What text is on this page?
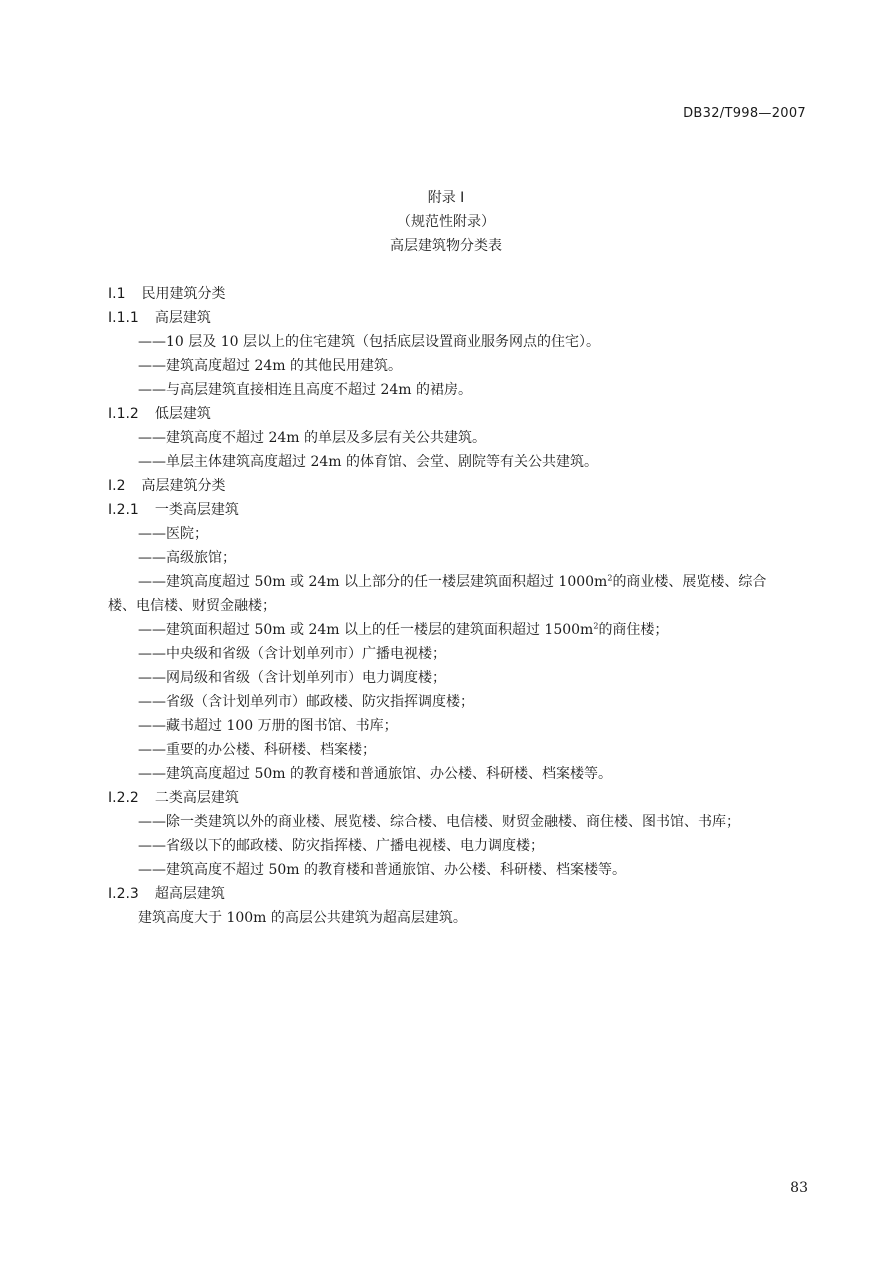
DB32/T998—2007
附录 I
（规范性附录）
高层建筑物分类表
I.1 民用建筑分类
I.1.1 高层建筑
——10 层及 10 层以上的住宅建筑（包括底层设置商业服务网点的住宅）。
——建筑高度超过 24m 的其他民用建筑。
——与高层建筑直接相连且高度不超过 24m 的裙房。
I.1.2 低层建筑
——建筑高度不超过 24m 的单层及多层有关公共建筑。
——单层主体建筑高度超过 24m 的体育馆、会堂、剧院等有关公共建筑。
I.2 高层建筑分类
I.2.1 一类高层建筑
——医院；
——高级旅馆；
——建筑高度超过 50m 或 24m 以上部分的任一楼层建筑面积超过 $1000m^2$的商业楼、展览楼、综合
楼、电信楼、财贸金融楼；
——建筑面积超过 50m 或 24m 以上的任一楼层的建筑面积超过 $1500m^2$的商住楼；
——中央级和省级（含计划单列市）广播电视楼；
——网局级和省级（含计划单列市）电力调度楼；
——省级（含计划单列市）邮政楼、防灾指挥调度楼；
——藏书超过 100 万册的图书馆、书库；
——重要的办公楼、科研楼、档案楼；
——建筑高度超过 50m 的教育楼和普通旅馆、办公楼、科研楼、档案楼等。
I.2.2 二类高层建筑
——除一类建筑以外的商业楼、展览楼、综合楼、电信楼、财贸金融楼、商住楼、图书馆、书库；
——省级以下的邮政楼、防灾指挥楼、广播电视楼、电力调度楼；
——建筑高度不超过 50m 的教育楼和普通旅馆、办公楼、科研楼、档案楼等。
I.2.3 超高层建筑
建筑高度大于 100m 的高层公共建筑为超高层建筑。
83
